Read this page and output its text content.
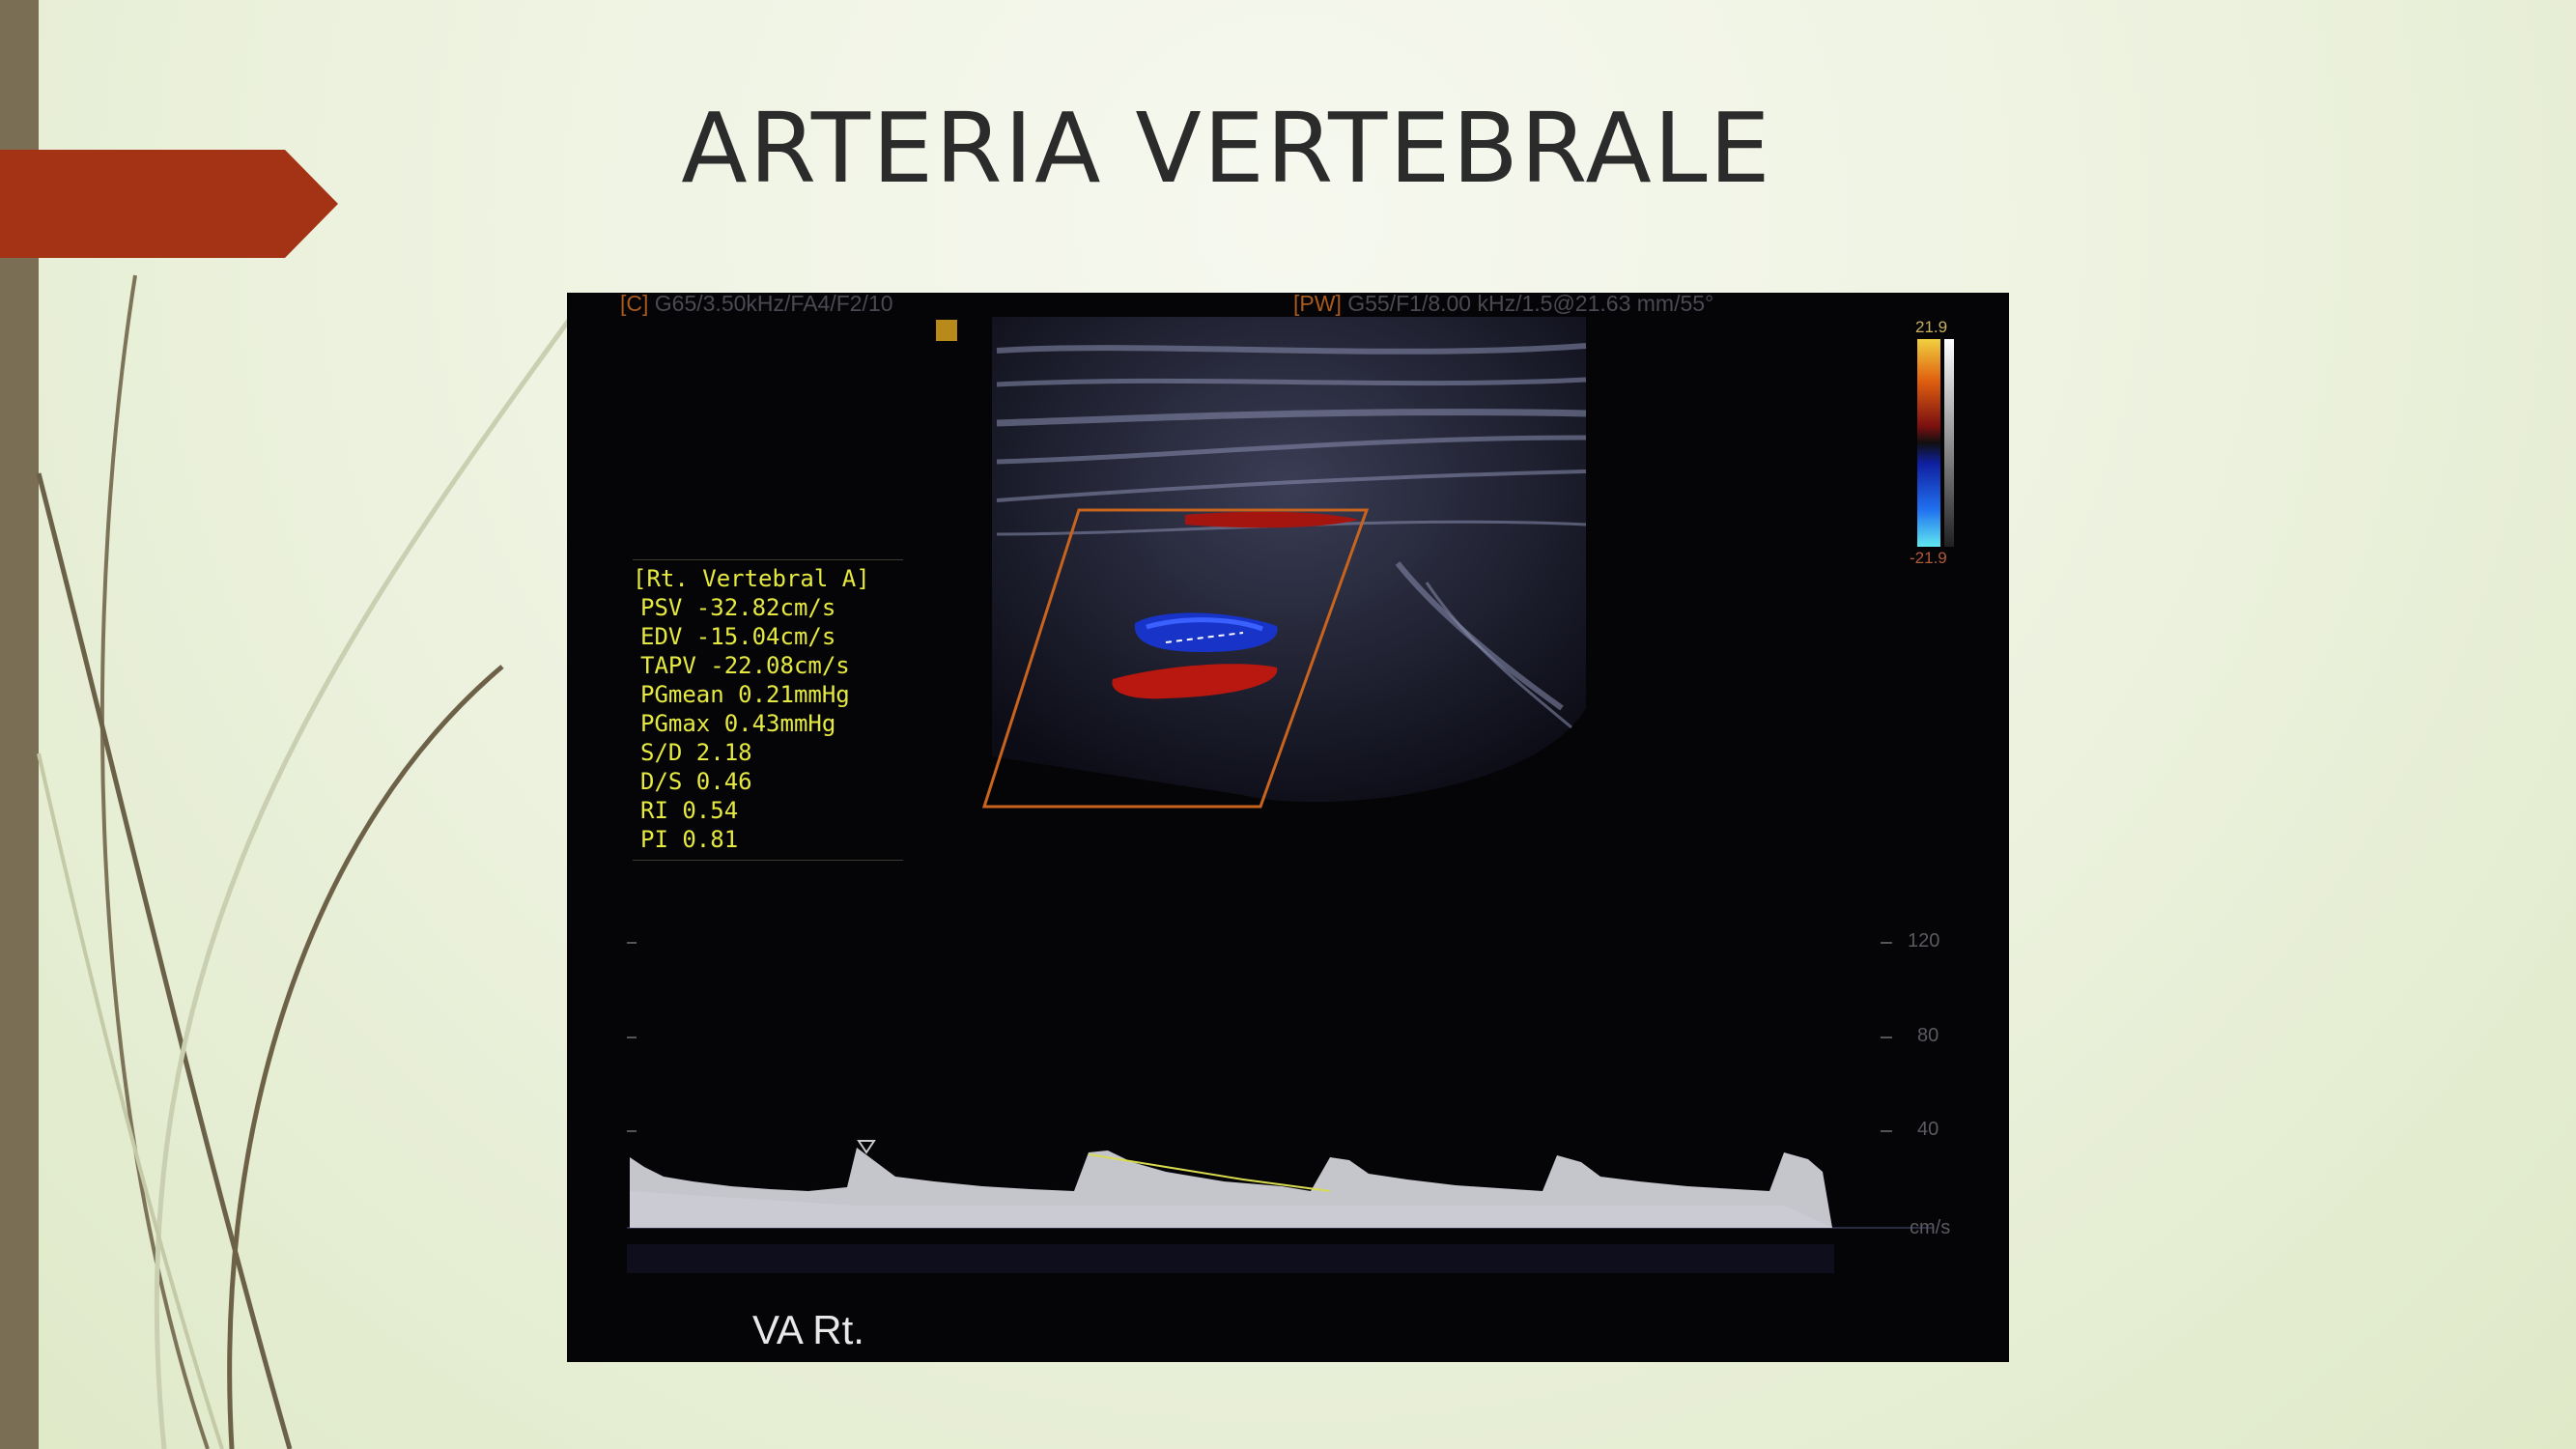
ARTERIA VERTEBRALE
[C] G65/3.50kHz/FA4/F2/10	[PW] G55/F1/8.00 kHz/1.5@21.63 mm/55°
21.9
-21.9
[Rt. Vertebral A]
PSV -32.82cm/s
EDV -15.04cm/s
TAPV -22.08cm/s
PGmean 0.21mmHg
PGmax 0.43mmHg
S/D 2.18
D/S 0.46
RI 0.54
PI 0.81
120
80
40
cm/s
VA Rt.
